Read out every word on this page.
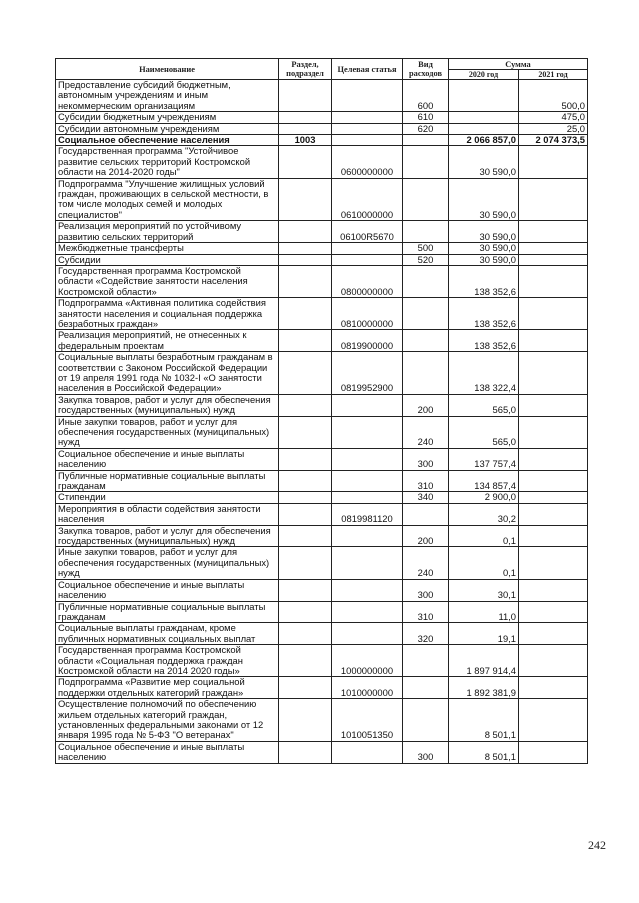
Наименование	Раздел, подраздел	Целевая статья	Вид расходов	Сумма	
				2020 год	2021 год
Предоставление субсидий бюджетным, автономным учреждениям и иным некоммерческим организациям			600		500,0
Субсидии бюджетным учреждениям			610		475,0
Субсидии автономным учреждениям			620		25,0
Социальное обеспечение населения	1003			2 066 857,0	2 074 373,5
Государственная программа "Устойчивое развитие сельских территорий Костромской области на 2014-2020 годы"		0600000000		30 590,0	
Подпрограмма "Улучшение жилищных условий граждан, проживающих в сельской местности, в том числе молодых семей и молодых специалистов"		0610000000		30 590,0	
Реализация мероприятий по устойчивому развитию сельских территорий		06100R5670		30 590,0	
Межбюджетные трансферты			500	30 590,0	
Субсидии			520	30 590,0	
Государственная программа Костромской области «Содействие занятости населения Костромской области»		0800000000		138 352,6	
Подпрограмма «Активная политика содействия занятости населения и социальная поддержка безработных граждан»		0810000000		138 352,6	
Реализация мероприятий, не отнесенных к федеральным проектам		0819900000		138 352,6	
Социальные выплаты безработным гражданам в соответствии с Законом Российской Федерации от 19 апреля 1991 года № 1032-I «О занятости населения в Российской Федерации»		0819952900		138 322,4	
Закупка товаров, работ и услуг для обеспечения государственных (муниципальных) нужд			200	565,0	
Иные закупки товаров, работ и услуг для обеспечения государственных (муниципальных) нужд			240	565,0	
Социальное обеспечение и иные выплаты населению			300	137 757,4	
Публичные нормативные социальные выплаты гражданам			310	134 857,4	
Стипендии			340	2 900,0	
Мероприятия в области содействия занятости населения		0819981120		30,2	
Закупка товаров, работ и услуг для обеспечения государственных (муниципальных) нужд			200	0,1	
Иные закупки товаров, работ и услуг для обеспечения государственных (муниципальных) нужд			240	0,1	
Социальное обеспечение и иные выплаты населению			300	30,1	
Публичные нормативные социальные выплаты гражданам			310	11,0	
Социальные выплаты гражданам, кроме публичных нормативных социальных выплат			320	19,1	
Государственная программа Костромской области «Социальная поддержка граждан Костромской области на 2014 2020 годы»		1000000000		1 897 914,4	
Подпрограмма «Развитие мер социальной поддержки отдельных категорий граждан»		1010000000		1 892 381,9	
Осуществление полномочий по обеспечению жильем отдельных категорий граждан, установленных федеральными законами от 12 января 1995 года № 5-ФЗ "О ветеранах"		1010051350		8 501,1	
Социальное обеспечение и иные выплаты населению			300	8 501,1	
242
